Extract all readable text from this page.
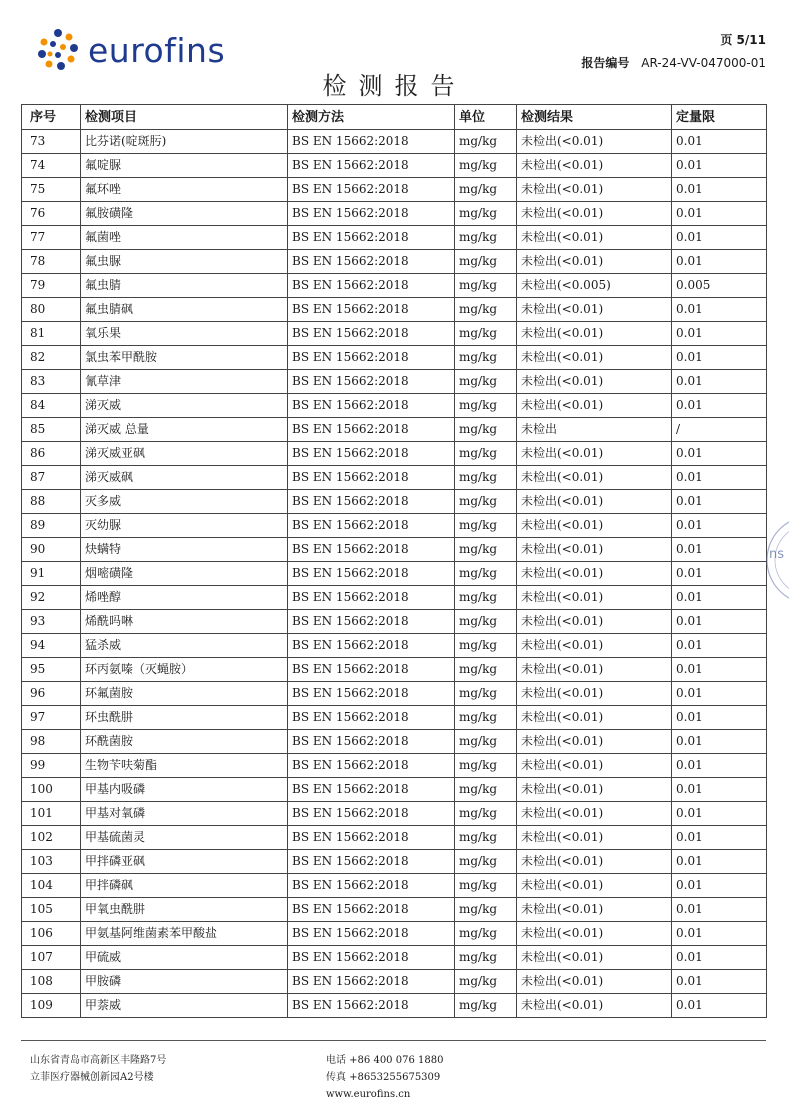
eurofins	页 5/11
报告编号 AR-24-VV-047000-01
检测报告
序号	检测项目	检测方法	单位	检测结果	定量限
73	比芬诺(啶斑肟)	BS EN 15662:2018	mg/kg	未检出(<0.01)	0.01
74	氟啶脲	BS EN 15662:2018	mg/kg	未检出(<0.01)	0.01
75	氟环唑	BS EN 15662:2018	mg/kg	未检出(<0.01)	0.01
76	氟胺磺隆	BS EN 15662:2018	mg/kg	未检出(<0.01)	0.01
77	氟菌唑	BS EN 15662:2018	mg/kg	未检出(<0.01)	0.01
78	氟虫脲	BS EN 15662:2018	mg/kg	未检出(<0.01)	0.01
79	氟虫腈	BS EN 15662:2018	mg/kg	未检出(<0.005)	0.005
80	氟虫腈砜	BS EN 15662:2018	mg/kg	未检出(<0.01)	0.01
81	氧乐果	BS EN 15662:2018	mg/kg	未检出(<0.01)	0.01
82	氯虫苯甲酰胺	BS EN 15662:2018	mg/kg	未检出(<0.01)	0.01
83	氰草津	BS EN 15662:2018	mg/kg	未检出(<0.01)	0.01
84	涕灭威	BS EN 15662:2018	mg/kg	未检出(<0.01)	0.01
85	涕灭威 总量	BS EN 15662:2018	mg/kg	未检出	/
86	涕灭威亚砜	BS EN 15662:2018	mg/kg	未检出(<0.01)	0.01
87	涕灭威砜	BS EN 15662:2018	mg/kg	未检出(<0.01)	0.01
88	灭多威	BS EN 15662:2018	mg/kg	未检出(<0.01)	0.01
89	灭幼脲	BS EN 15662:2018	mg/kg	未检出(<0.01)	0.01
90	炔螨特	BS EN 15662:2018	mg/kg	未检出(<0.01)	0.01
91	烟嘧磺隆	BS EN 15662:2018	mg/kg	未检出(<0.01)	0.01
92	烯唑醇	BS EN 15662:2018	mg/kg	未检出(<0.01)	0.01
93	烯酰吗啉	BS EN 15662:2018	mg/kg	未检出(<0.01)	0.01
94	猛杀威	BS EN 15662:2018	mg/kg	未检出(<0.01)	0.01
95	环丙氨嗪（灭蝇胺）	BS EN 15662:2018	mg/kg	未检出(<0.01)	0.01
96	环氟菌胺	BS EN 15662:2018	mg/kg	未检出(<0.01)	0.01
97	环虫酰肼	BS EN 15662:2018	mg/kg	未检出(<0.01)	0.01
98	环酰菌胺	BS EN 15662:2018	mg/kg	未检出(<0.01)	0.01
99	生物苄呋菊酯	BS EN 15662:2018	mg/kg	未检出(<0.01)	0.01
100	甲基内吸磷	BS EN 15662:2018	mg/kg	未检出(<0.01)	0.01
101	甲基对氧磷	BS EN 15662:2018	mg/kg	未检出(<0.01)	0.01
102	甲基硫菌灵	BS EN 15662:2018	mg/kg	未检出(<0.01)	0.01
103	甲拌磷亚砜	BS EN 15662:2018	mg/kg	未检出(<0.01)	0.01
104	甲拌磷砜	BS EN 15662:2018	mg/kg	未检出(<0.01)	0.01
105	甲氧虫酰肼	BS EN 15662:2018	mg/kg	未检出(<0.01)	0.01
106	甲氨基阿维菌素苯甲酸盐	BS EN 15662:2018	mg/kg	未检出(<0.01)	0.01
107	甲硫威	BS EN 15662:2018	mg/kg	未检出(<0.01)	0.01
108	甲胺磷	BS EN 15662:2018	mg/kg	未检出(<0.01)	0.01
109	甲萘威	BS EN 15662:2018	mg/kg	未检出(<0.01)	0.01
ns
山东省青岛市高新区丰隆路7号
立菲医疗器械创新园A2号楼
电话 +86 400 076 1880
传真 +8653255675309
www.eurofins.cn
